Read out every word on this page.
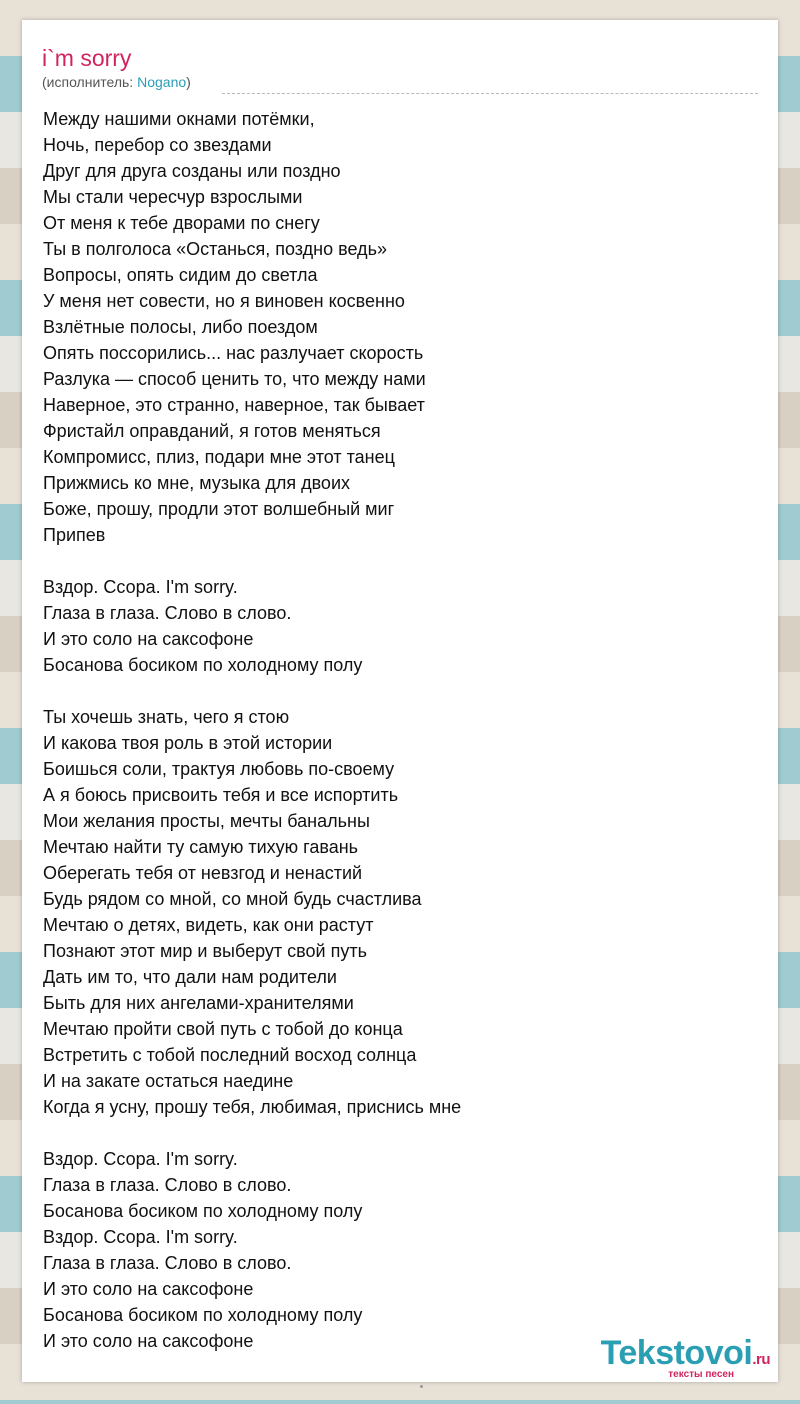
i`m sorry
(исполнитель: Nogano)
Между нашими окнами потёмки,
Ночь, перебор со звездами
Друг для друга созданы или поздно
Мы стали чересчур взрослыми
От меня к тебе дворами по снегу
Ты в полголоса «Останься, поздно ведь»
Вопросы, опять сидим до светла
У меня нет совести, но я виновен косвенно
Взлётные полосы, либо поездом
Опять поссорились... нас разлучает скорость
Разлука — способ ценить то, что между нами
Наверное, это странно, наверное, так бывает
Фристайл оправданий, я готов меняться
Компромисс, плиз, подари мне этот танец
Прижмись ко мне, музыка для двоих
Боже, прошу, продли этот волшебный миг
Припев
Вздор. Ссора. I'm sorry.
Глаза в глаза. Слово в слово.
И это соло на саксофоне
Босанова босиком по холодному полу
Ты хочешь знать, чего я стою
И какова твоя роль в этой истории
Боишься соли, трактуя любовь по-своему
А я боюсь присвоить тебя и все испортить
Мои желания просты, мечты банальны
Мечтаю найти ту самую тихую гавань
Оберегать тебя от невзгод и ненастий
Будь рядом со мной, со мной будь счастлива
Мечтаю о детях, видеть, как они растут
Познают этот мир и выберут свой путь
Дать им то, что дали нам родители
Быть для них ангелами-хранителями
Мечтаю пройти свой путь с тобой до конца
Встретить с тобой последний восход солнца
И на закате остаться наедине
Когда я усну, прошу тебя, любимая, приснись мне
Вздор. Ссора. I'm sorry.
Глаза в глаза. Слово в слово.
Босанова босиком по холодному полу
Вздор. Ссора. I'm sorry.
Глаза в глаза. Слово в слово.
И это соло на саксофоне
Босанова босиком по холодному полу
И это соло на саксофоне	Tekstovoi.ru
тексты песен
